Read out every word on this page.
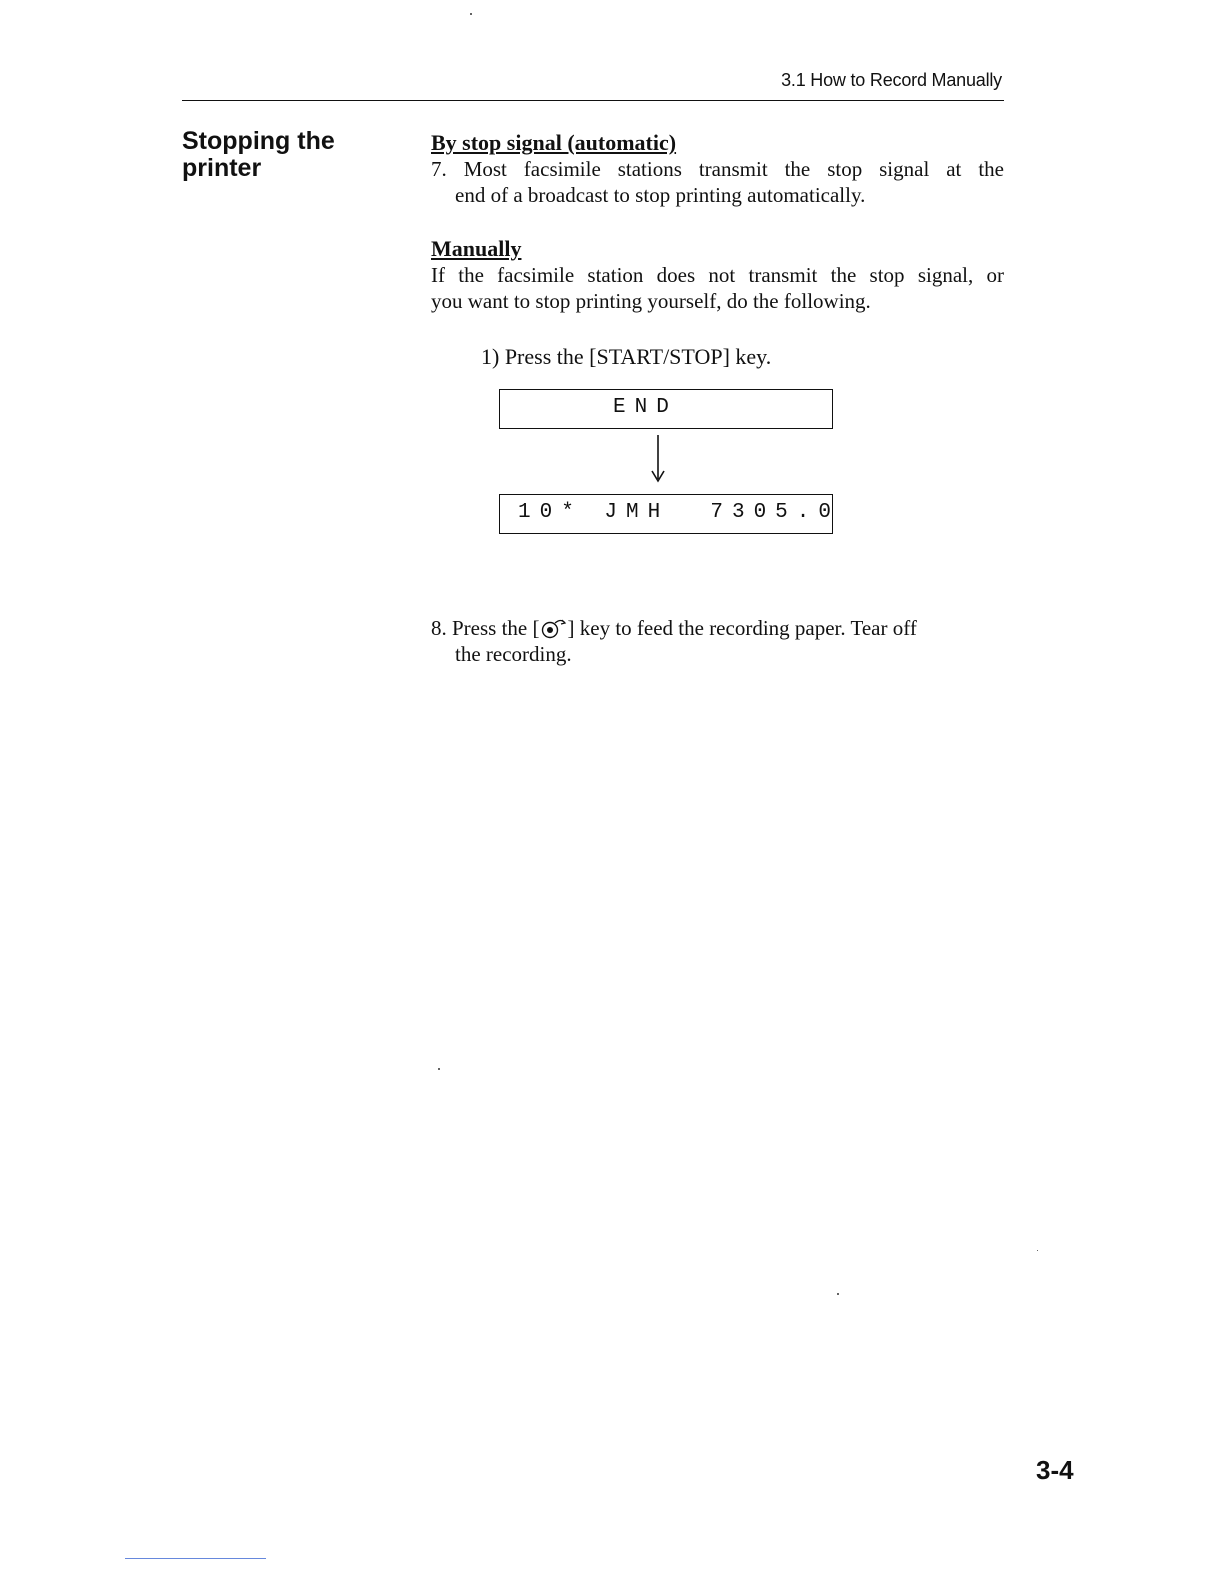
3.1 How to Record Manually
Stopping the
printer
By stop signal (automatic)
7. Most facsimile stations transmit the stop signal at the
end of a broadcast to stop printing automatically.
Manually
If the facsimile station does not transmit the stop signal, or
you want to stop printing yourself, do the following.
1) Press the [START/STOP] key.
END
10* JMH 7305.0
8. Press the [ ] key to feed the recording paper. Tear off
the recording.
3-4
